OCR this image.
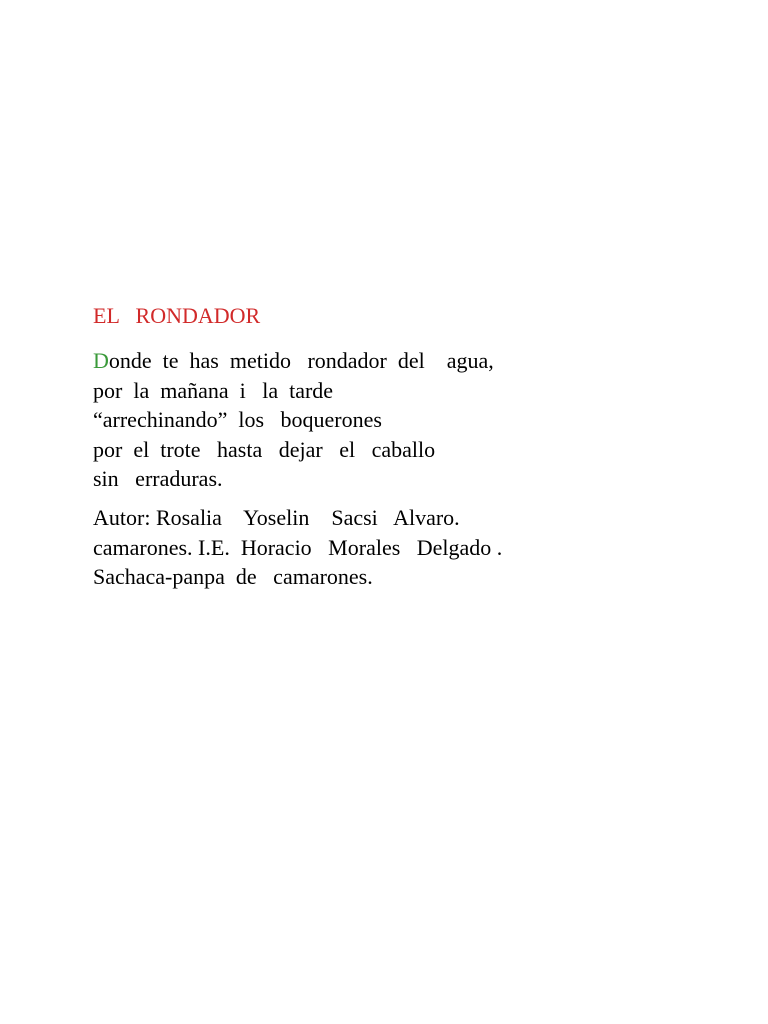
EL   RONDADOR
Donde  te  has  metido   rondador  del    agua,
por  la  mañana  i   la  tarde
“arrechinando”  los   boquerones
por  el  trote   hasta   dejar   el   caballo
sin   erraduras.
Autor: Rosalia    Yoselin    Sacsi   Alvaro.
camarones. I.E.  Horacio   Morales   Delgado .
Sachaca-panpa  de   camarones.
